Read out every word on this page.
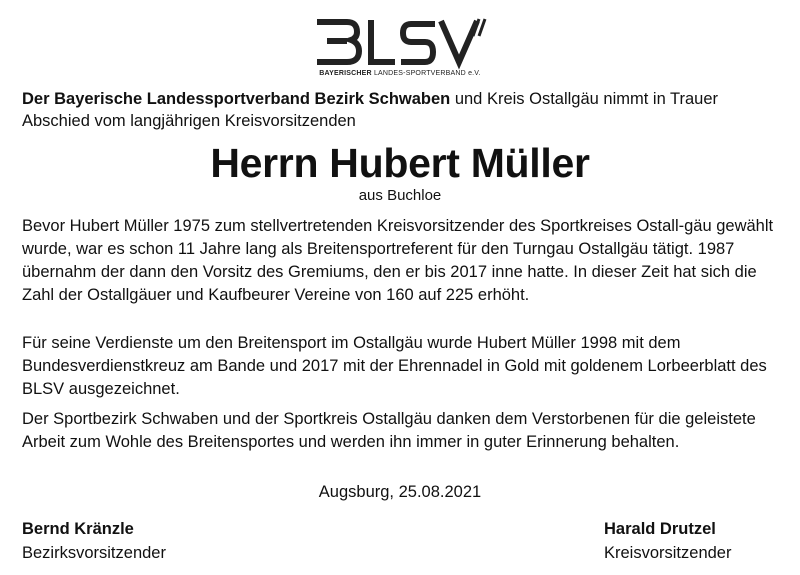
BAYERISCHER LANDES-SPORTVERBAND e.V.
Der Bayerische Landessportverband Bezirk Schwaben und Kreis Ostallgäu nimmt in Trauer Abschied vom langjährigen Kreisvorsitzenden
Herrn Hubert Müller
aus Buchloe

Bevor Hubert Müller 1975 zum stellvertretenden Kreisvorsitzender des Sportkreises Ostall-gäu gewählt wurde, war es schon 11 Jahre lang als Breitensportreferent für den Turngau Ostallgäu tätigt. 1987 übernahm der dann den Vorsitz des Gremiums, den er bis 2017 inne hatte. In dieser Zeit hat sich die Zahl der Ostallgäuer und Kaufbeurer Vereine von 160 auf 225 erhöht.

Für seine Verdienste um den Breitensport im Ostallgäu wurde Hubert Müller 1998 mit dem Bundesverdienstkreuz am Bande und 2017 mit der Ehrennadel in Gold mit goldenem Lorbeerblatt des BLSV ausgezeichnet.

Der Sportbezirk Schwaben und der Sportkreis Ostallgäu danken dem Verstorbenen für die geleistete Arbeit zum Wohle des Breitensportes und werden ihn immer in guter Erinnerung behalten.

Augsburg, 25.08.2021
Bernd Kränzle
Bezirksvorsitzender
Harald Drutzel
Kreisvorsitzender
